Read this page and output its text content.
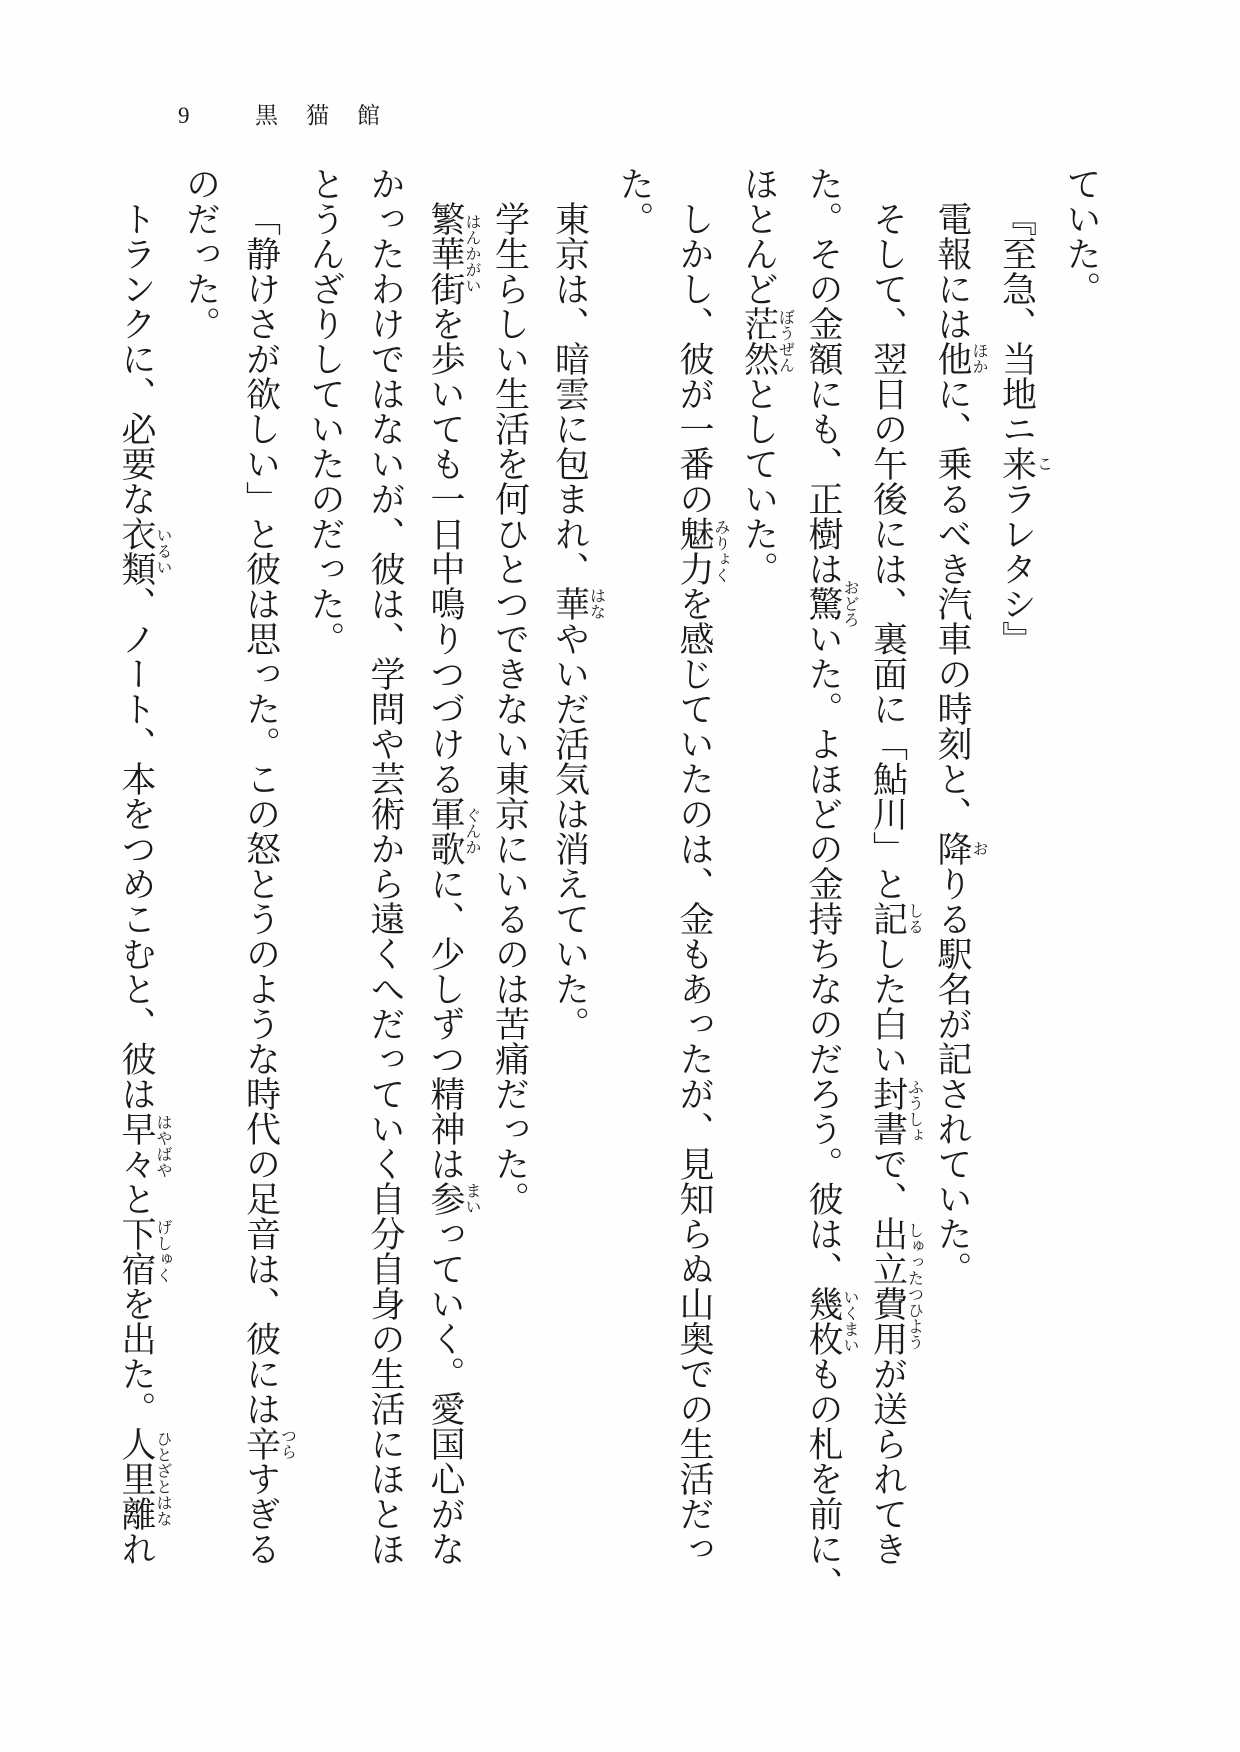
9	黒　猫　館
ていた。
『至急、当地ニ来こラレタシ』
電報には他ほかに、乗るべき汽車の時刻と、降おりる駅名が記されていた。
そして、翌日の午後には、裏面に「鮎川」と記しるした白い封書ふうしょで、出立費用しゅったつひようが送られてき
た。その金額にも、正樹は驚おどろいた。よほどの金持ちなのだろう。彼は、幾枚いくまいもの札を前に、
ほとんど茫然ぼうぜんとしていた。
しかし、彼が一番の魅力みりょくを感じていたのは、金もあったが、見知らぬ山奥での生活だっ
た。
東京は、暗雲に包まれ、華はなやいだ活気は消えていた。
学生らしい生活を何ひとつできない東京にいるのは苦痛だった。
繁華街はんかがいを歩いても一日中鳴りつづける軍歌ぐんかに、少しずつ精神は参まいっていく。愛国心がな
かったわけではないが、彼は、学問や芸術から遠くへだっていく自分自身の生活にほとほ
とうんざりしていたのだった。
「静けさが欲しい」と彼は思った。この怒とうのような時代の足音は、彼には辛つらすぎる
のだった。
トランクに、必要な衣類いるい、ノート、本をつめこむと、彼は早々はやばやと下宿げしゅくを出た。人里離ひとざとはなれ
